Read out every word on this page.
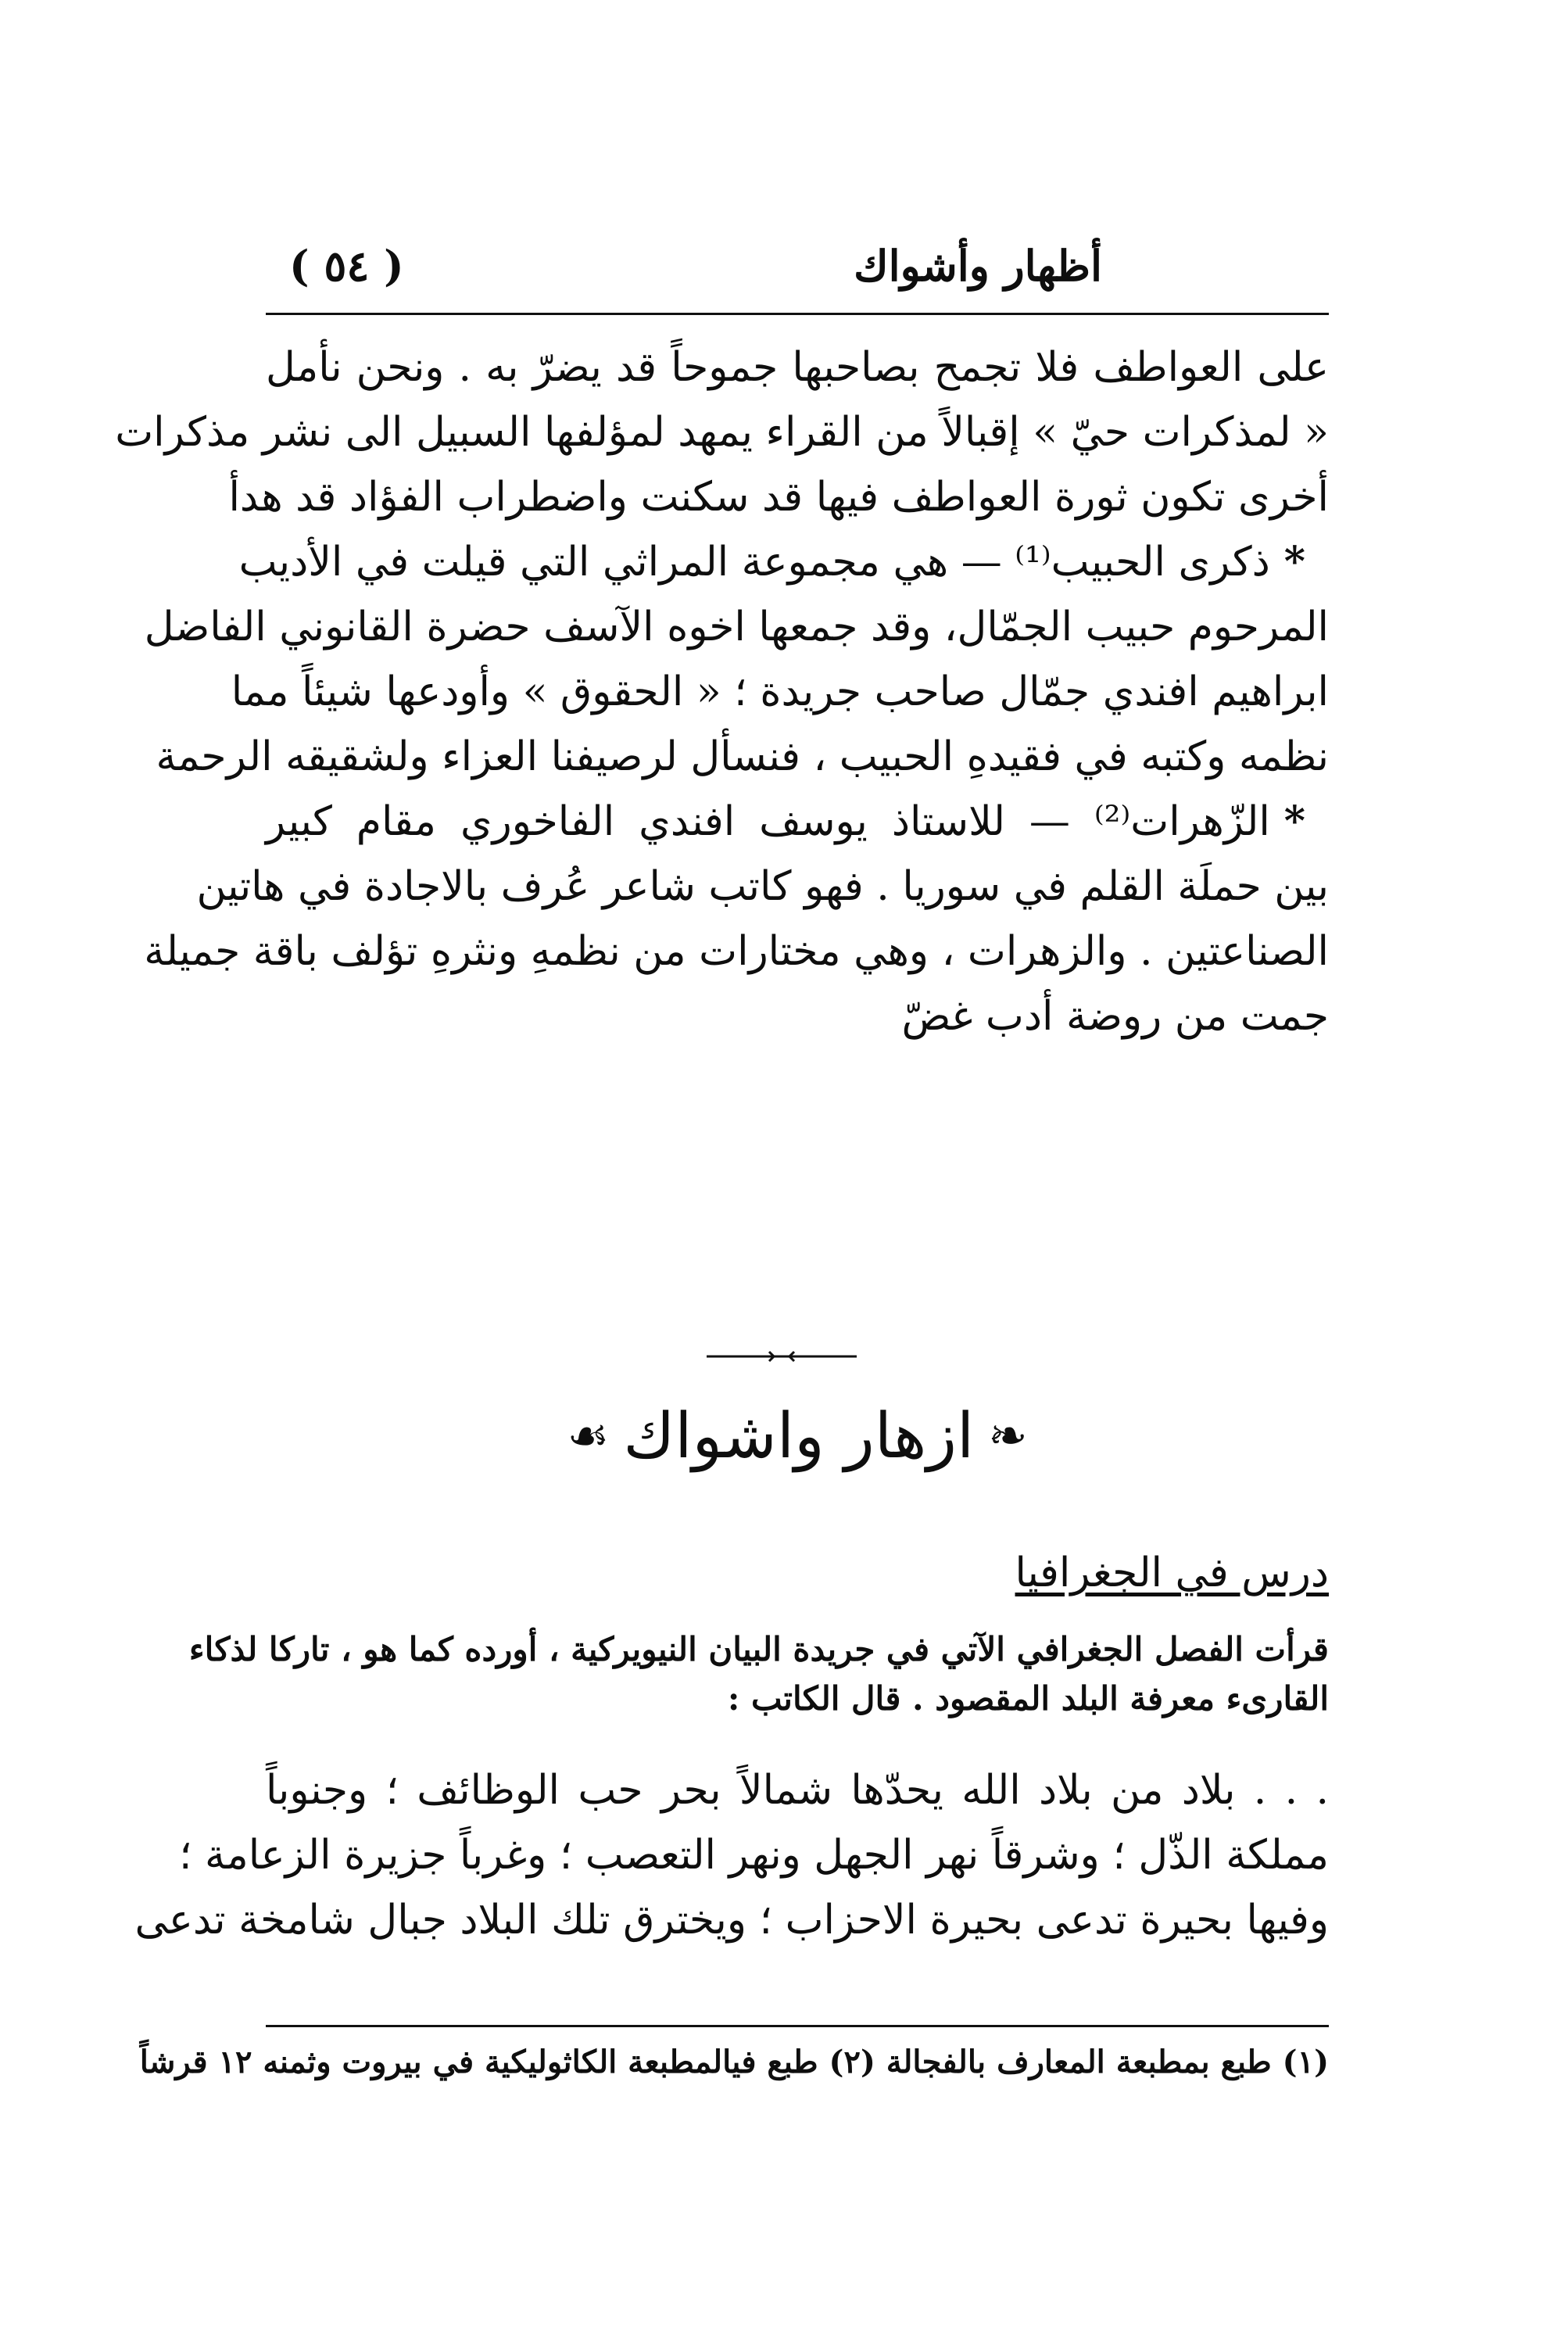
أظهار وأشواك
( ٥٤ )
على العواطف فلا تجمح بصاحبها جموحاً قد يضرّ به . ونحن نأمل
« لمذكرات حيّ » إقبالاً من القراء يمهد لمؤلفها السبيل الى نشر مذكرات
أخرى تكون ثورة العواطف فيها قد سكنت واضطراب الفؤاد قد هدأ
*ذكرى الحبيب⁽¹⁾ — هي مجموعة المراثي التي قيلت في الأديب
المرحوم حبيب الجمّال، وقد جمعها اخوه الآسف حضرة القانوني الفاضل
ابراهيم افندي جمّال صاحب جريدة ؛ « الحقوق » وأودعها شيئاً مما
نظمه وكتبه في فقيدهِ الحبيب ، فنسأل لرصيفنا العزاء ولشقيقه الرحمة
*الزّهرات⁽²⁾ — للاستاذ يوسف افندي الفاخوري مقام كبير
بين حملَة القلم في سوريا . فهو كاتب شاعر عُرف بالاجادة في هاتين
الصناعتين . والزهرات ، وهي مختارات من نظمهِ ونثرهِ تؤلف باقة جميلة
جمت من روضة أدب غضّ
❧ازهار واشواك☙
درس في الجغرافيا
قرأت الفصل الجغرافي الآتي في جريدة البيان النيويركية ، أورده كما هو ، تاركا لذكاء
القارىء معرفة البلد المقصود . قال الكاتب :
. . . بلاد من بلاد الله يحدّها شمالاً بحر حب الوظائف ؛ وجنوباً
مملكة الذّل ؛ وشرقاً نهر الجهل ونهر التعصب ؛ وغرباً جزيرة الزعامة ؛
وفيها بحيرة تدعى بحيرة الاحزاب ؛ ويخترق تلك البلاد جبال شامخة تدعى
(١) طبع بمطبعة المعارف بالفجالة (٢) طبع فيالمطبعة الكاثوليكية في بيروت وثمنه ١٢ قرشاً
